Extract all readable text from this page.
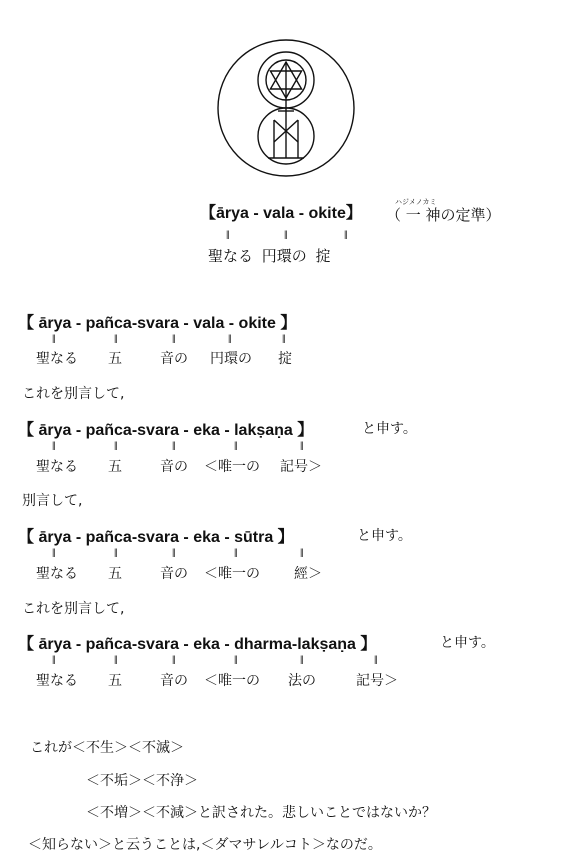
【ārya - vala - okite】
ハジメノカミ
（ 一 神の定準）
||	||	||
聖なる 円環の 掟
【 ārya - pañca-svara - vala - okite 】
||	||	||	||	||
聖なる 五	音の 円環の 掟
これを別言して,
【 ārya - pañca-svara - eka - lakṣaṇa 】	と申す。
||	||	||	||	||
聖なる 五	音の ＜唯一の 記号＞
別言して,
【 ārya - pañca-svara - eka - sūtra 】	と申す。
||	||	||	||	||
聖なる 五	音の ＜唯一の 經＞
これを別言して,
【 ārya - pañca-svara - eka - dharma-lakṣaṇa 】	と申す。
||	||	||	||	||	||
聖なる 五	音の ＜唯一の 法の	記号＞
これが＜不生＞＜不滅＞
＜不垢＞＜不浄＞
＜不増＞＜不減＞と訳された。悲しいことではないか？
＜知らない＞と云うことは,＜ダマサレルコト＞なのだ。
